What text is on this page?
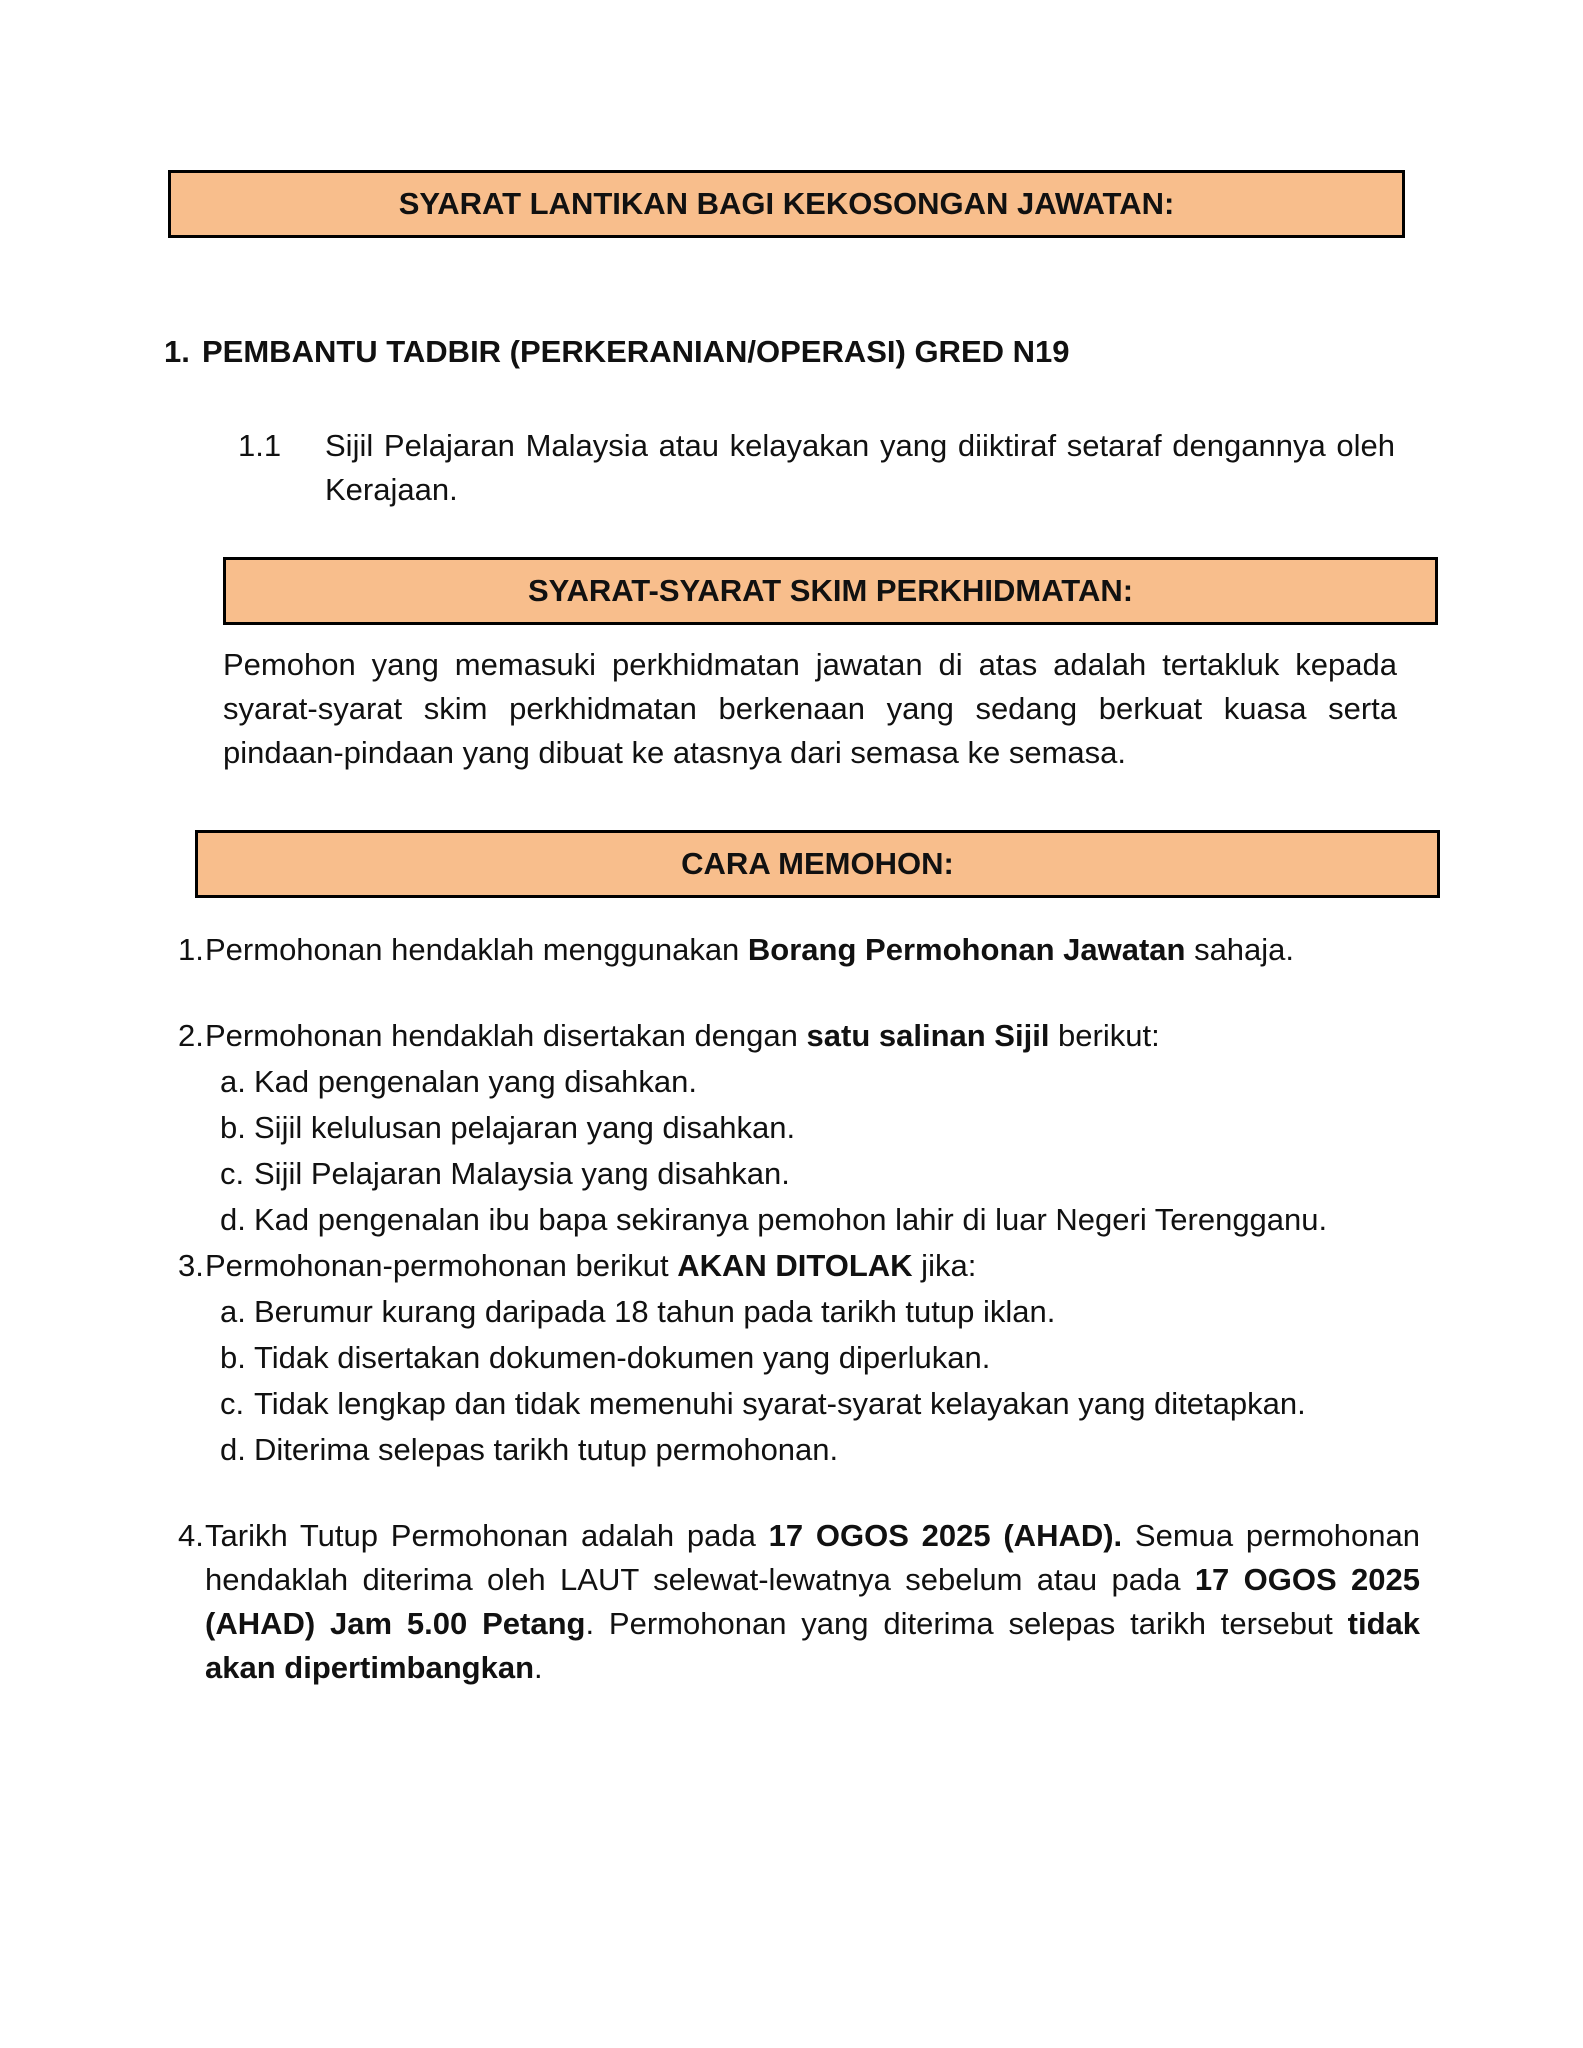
SYARAT LANTIKAN BAGI KEKOSONGAN JAWATAN:
1. PEMBANTU TADBIR (PERKERANIAN/OPERASI) GRED N19
1.1	Sijil Pelajaran Malaysia atau kelayakan yang diiktiraf setaraf dengannya oleh Kerajaan.

SYARAT-SYARAT SKIM PERKHIDMATAN:

Pemohon yang memasuki perkhidmatan jawatan di atas adalah tertakluk kepada syarat-syarat skim perkhidmatan berkenaan yang sedang berkuat kuasa serta pindaan-pindaan yang dibuat ke atasnya dari semasa ke semasa.

CARA MEMOHON:
1. Permohonan hendaklah menggunakan Borang Permohonan Jawatan sahaja.

2. Permohonan hendaklah disertakan dengan satu salinan Sijil berikut:

a. Kad pengenalan yang disahkan.

b. Sijil kelulusan pelajaran yang disahkan.

c. Sijil Pelajaran Malaysia yang disahkan.

d. Kad pengenalan ibu bapa sekiranya pemohon lahir di luar Negeri Terengganu.

3. Permohonan-permohonan berikut AKAN DITOLAK jika:

a. Berumur kurang daripada 18 tahun pada tarikh tutup iklan.

b. Tidak disertakan dokumen-dokumen yang diperlukan.

c. Tidak lengkap dan tidak memenuhi syarat-syarat kelayakan yang ditetapkan.

d. Diterima selepas tarikh tutup permohonan.

4. Tarikh Tutup Permohonan adalah pada 17 OGOS 2025 (AHAD). Semua permohonan hendaklah diterima oleh LAUT selewat-lewatnya sebelum atau pada 17 OGOS 2025 (AHAD) Jam 5.00 Petang. Permohonan yang diterima selepas tarikh tersebut tidak akan dipertimbangkan.
